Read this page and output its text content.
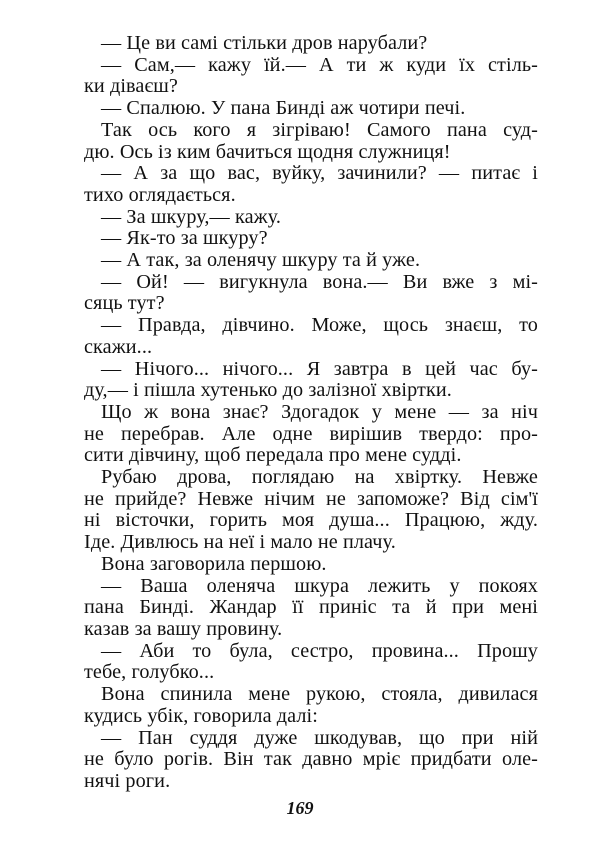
— Це ви самі стільки дров нарубали?
— Сам,— кажу їй.— А ти ж куди їх стіль-
ки діваєш?
— Спалюю. У пана Бинді аж чотири печі.
Так ось кого я зігріваю! Самого пана суд-
дю. Ось із ким бачиться щодня служниця!
— А за що вас, вуйку, зачинили? — питає і
тихо оглядається.
— За шкуру,— кажу.
— Як-то за шкуру?
— А так, за оленячу шкуру та й уже.
— Ой! — вигукнула вона.— Ви вже з мі-
сяць тут?
— Правда, дівчино. Може, щось знаєш, то
скажи...
— Нічого... нічого... Я завтра в цей час бу-
ду,— і пішла хутенько до залізної хвіртки.
Що ж вона знає? Здогадок у мене — за ніч
не перебрав. Але одне вирішив твердо: про-
сити дівчину, щоб передала про мене судді.
Рубаю дрова, поглядаю на хвіртку. Невже
не прийде? Невже нічим не запоможе? Від сім'ї
ні вісточки, горить моя душа... Працюю, жду.
Іде. Дивлюсь на неї і мало не плачу.
Вона заговорила першою.
— Ваша оленяча шкура лежить у покоях
пана Бинді. Жандар її приніс та й при мені
казав за вашу провину.
— Аби то була, сестро, провина... Прошу
тебе, голубко...
Вона спинила мене рукою, стояла, дивилася
кудись убік, говорила далі:
— Пан суддя дуже шкодував, що при ній
не було рогів. Він так давно мріє придбати оле-
нячі роги.
169
